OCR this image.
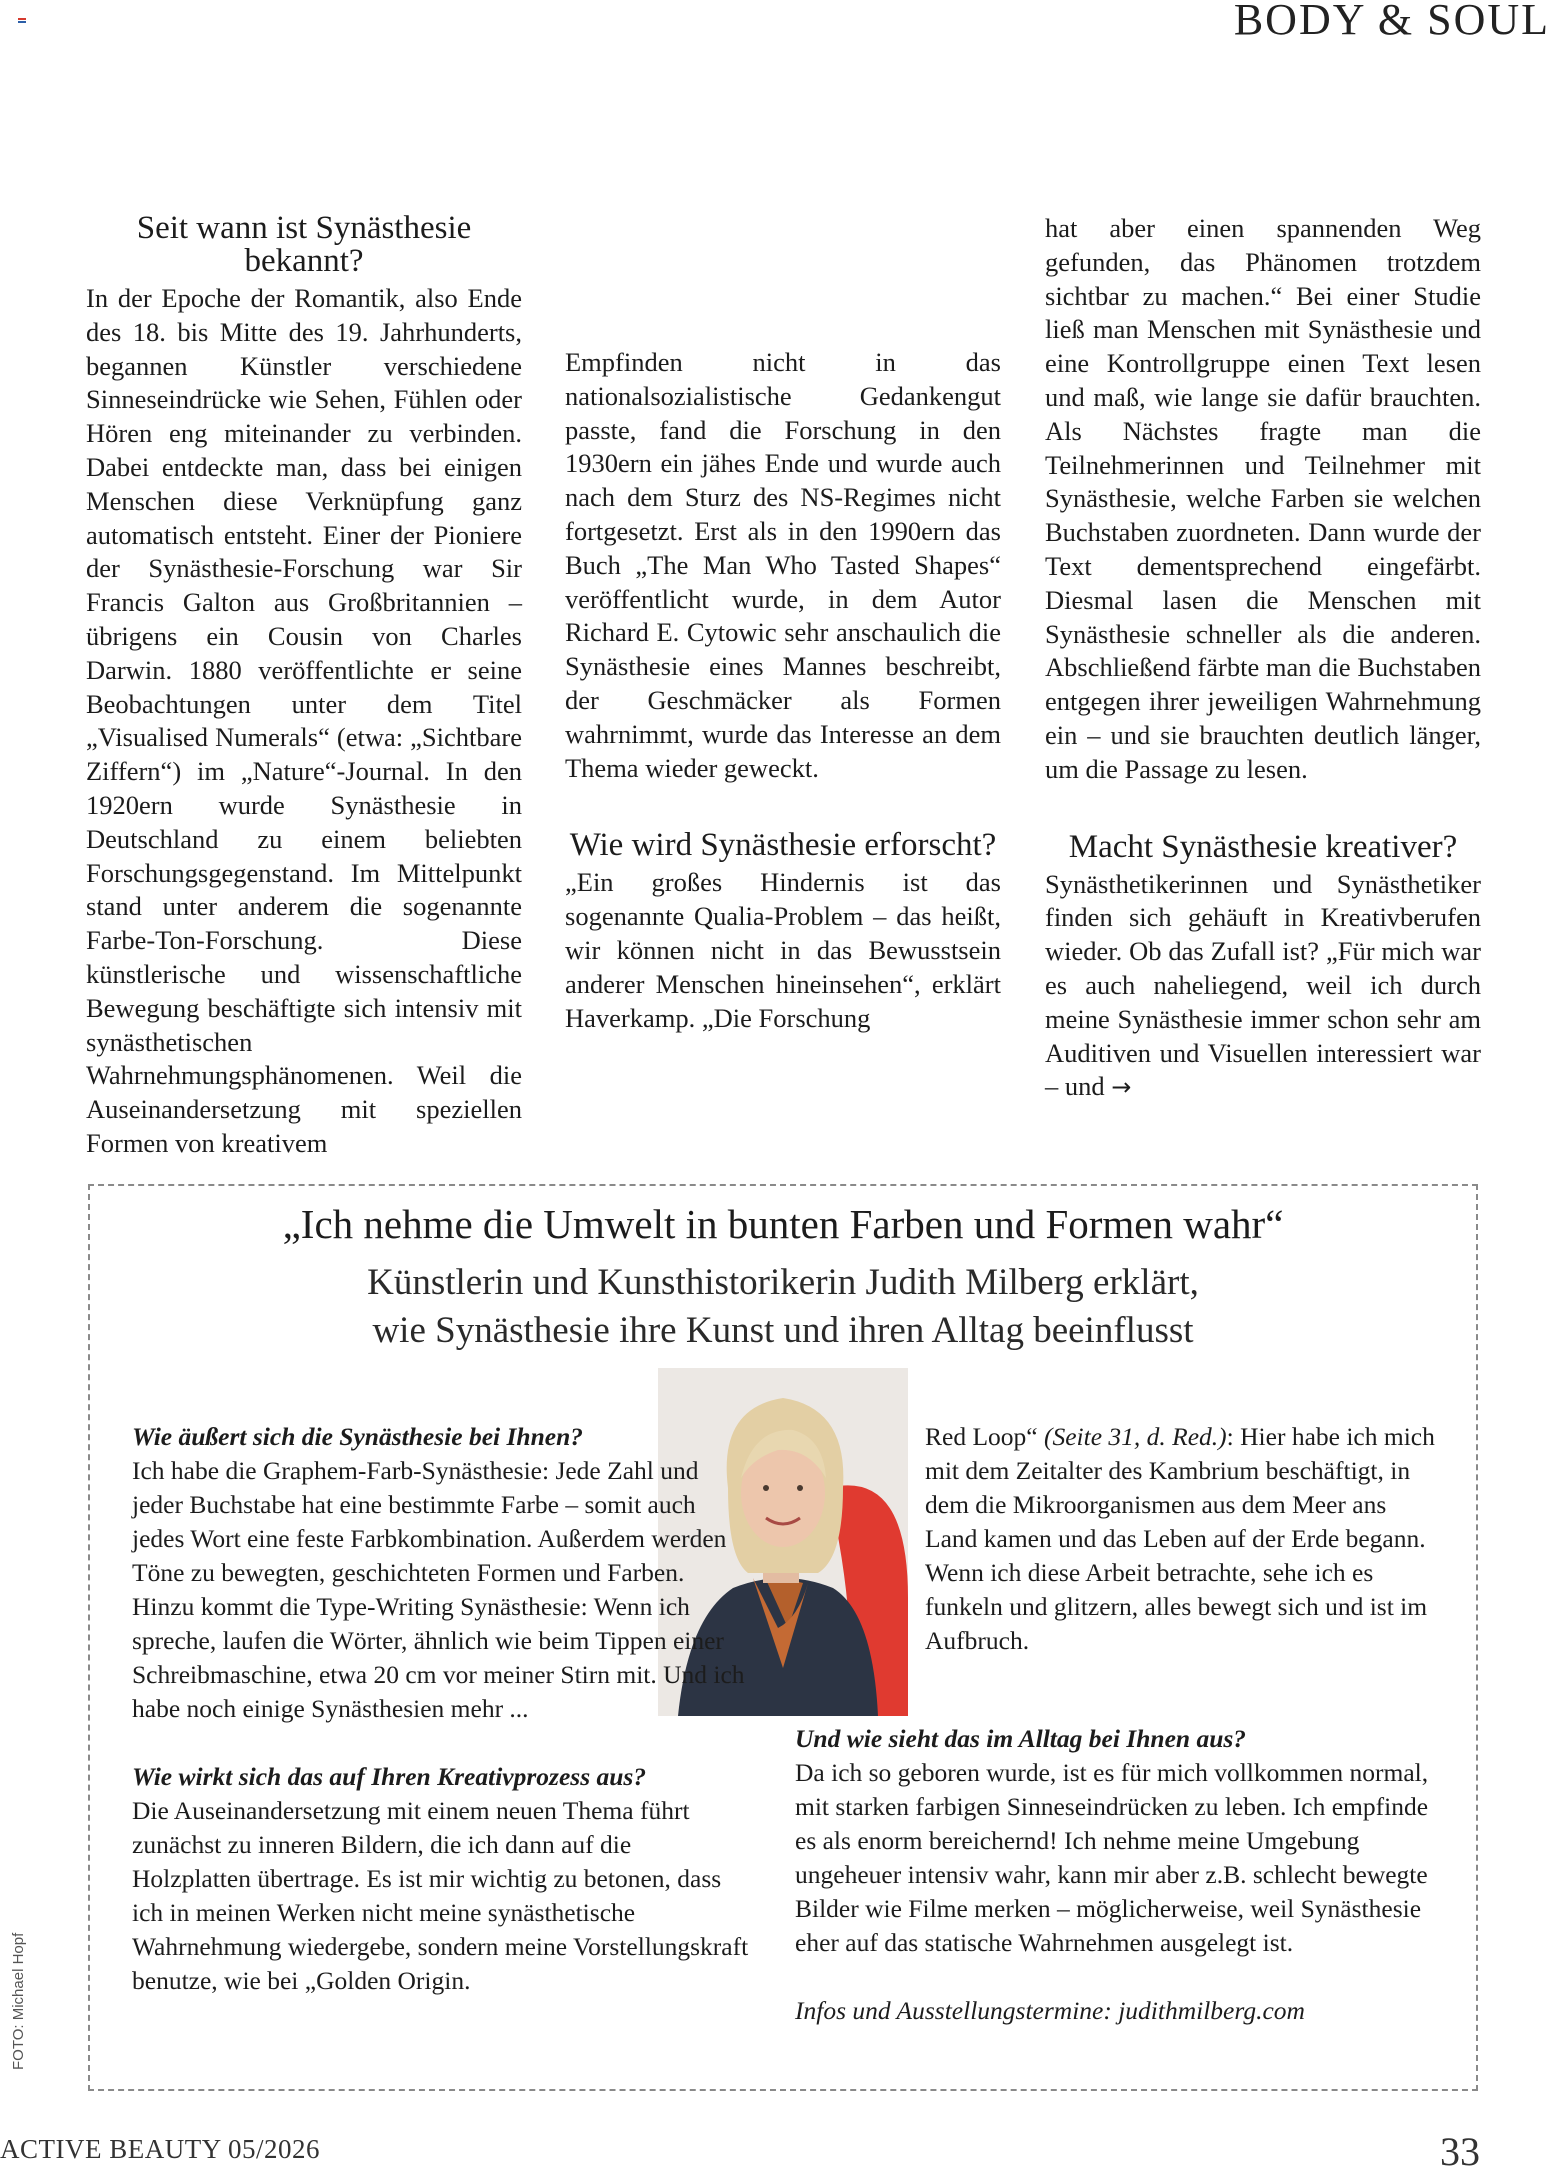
BODY & SOUL
Seit wann ist Synästhesie bekannt?

In der Epoche der Romantik, also Ende des 18. bis Mitte des 19. Jahrhunderts, begannen Künstler verschiedene Sinneseindrücke wie Sehen, Fühlen oder Hören eng miteinander zu verbinden. Dabei entdeckte man, dass bei einigen Menschen diese Verknüpfung ganz automatisch entsteht. Einer der Pioniere der Synästhesie-Forschung war Sir Francis Galton aus Großbritannien – übrigens ein Cousin von Charles Darwin. 1880 veröffentlichte er seine Beobachtungen unter dem Titel „Visualised Numerals“ (etwa: „Sichtbare Ziffern“) im „Nature“-Journal. In den 1920ern wurde Synästhesie in Deutschland zu einem beliebten Forschungsgegenstand. Im Mittelpunkt stand unter anderem die sogenannte Farbe-Ton-Forschung. Diese künstlerische und wissenschaftliche Bewegung beschäftigte sich intensiv mit synästhetischen Wahrnehmungsphänomenen. Weil die Auseinandersetzung mit speziellen Formen von kreativem

Empfinden nicht in das nationalsozialistische Gedankengut passte, fand die Forschung in den 1930ern ein jähes Ende und wurde auch nach dem Sturz des NS-Regimes nicht fortgesetzt. Erst als in den 1990ern das Buch „The Man Who Tasted Shapes“ veröffentlicht wurde, in dem Autor Richard E. Cytowic sehr anschaulich die Synästhesie eines Mannes beschreibt, der Geschmäcker als Formen wahrnimmt, wurde das Interesse an dem Thema wieder geweckt.

Wie wird Synästhesie erforscht?

„Ein großes Hindernis ist das sogenannte Qualia-Problem – das heißt, wir können nicht in das Bewusstsein anderer Menschen hineinsehen“, erklärt Haverkamp. „Die Forschung

hat aber einen spannenden Weg gefunden, das Phänomen trotzdem sichtbar zu machen.“ Bei einer Studie ließ man Menschen mit Synästhesie und eine Kontrollgruppe einen Text lesen und maß, wie lange sie dafür brauchten. Als Nächstes fragte man die Teilnehmerinnen und Teilnehmer mit Synästhesie, welche Farben sie welchen Buchstaben zuordneten. Dann wurde der Text dementsprechend eingefärbt. Diesmal lasen die Menschen mit Synästhesie schneller als die anderen. Abschließend färbte man die Buchstaben entgegen ihrer jeweiligen Wahrnehmung ein – und sie brauchten deutlich länger, um die Passage zu lesen.

Macht Synästhesie kreativer?

Synästhetikerinnen und Synästhetiker finden sich gehäuft in Kreativberufen wieder. Ob das Zufall ist? „Für mich war es auch naheliegend, weil ich durch meine Synästhesie immer schon sehr am Auditiven und Visuellen interessiert war – und →

„Ich nehme die Umwelt in bunten Farben und Formen wahr“
Künstlerin und Kunsthistorikerin Judith Milberg erklärt,
wie Synästhesie ihre Kunst und ihren Alltag beeinflusst

Wie äußert sich die Synästhesie bei Ihnen?

Ich habe die Graphem-Farb-Synästhesie: Jede Zahl und jeder Buchstabe hat eine bestimmte Farbe – somit auch jedes Wort eine feste Farbkombination. Außerdem werden Töne zu bewegten, geschichteten Formen und Farben. Hinzu kommt die Type-Writing Synästhesie: Wenn ich spreche, laufen die Wörter, ähnlich wie beim Tippen einer Schreibmaschine, etwa 20 cm vor meiner Stirn mit. Und ich habe noch einige Synästhesien mehr ...

Wie wirkt sich das auf Ihren Kreativprozess aus?

Die Auseinandersetzung mit einem neuen Thema führt zunächst zu inneren Bildern, die ich dann auf die Holzplatten übertrage. Es ist mir wichtig zu betonen, dass ich in meinen Werken nicht meine synästhetische Wahrnehmung wiedergebe, sondern meine Vorstellungskraft benutze, wie bei „Golden Origin.

Red Loop“ (Seite 31, d. Red.): Hier habe ich mich mit dem Zeitalter des Kambrium beschäftigt, in dem die Mikroorganismen aus dem Meer ans Land kamen und das Leben auf der Erde begann. Wenn ich diese Arbeit betrachte, sehe ich es funkeln und glitzern, alles bewegt sich und ist im Aufbruch.

Und wie sieht das im Alltag bei Ihnen aus?

Da ich so geboren wurde, ist es für mich vollkommen normal, mit starken farbigen Sinneseindrücken zu leben. Ich empfinde es als enorm bereichernd! Ich nehme meine Umgebung ungeheuer intensiv wahr, kann mir aber z.B. schlecht bewegte Bilder wie Filme merken – möglicherweise, weil Synästhesie eher auf das statische Wahrnehmen ausgelegt ist.

Infos und Ausstellungstermine: judithmilberg.com

FOTO: Michael Hopf
ACTIVE BEAUTY 05/2026	33
